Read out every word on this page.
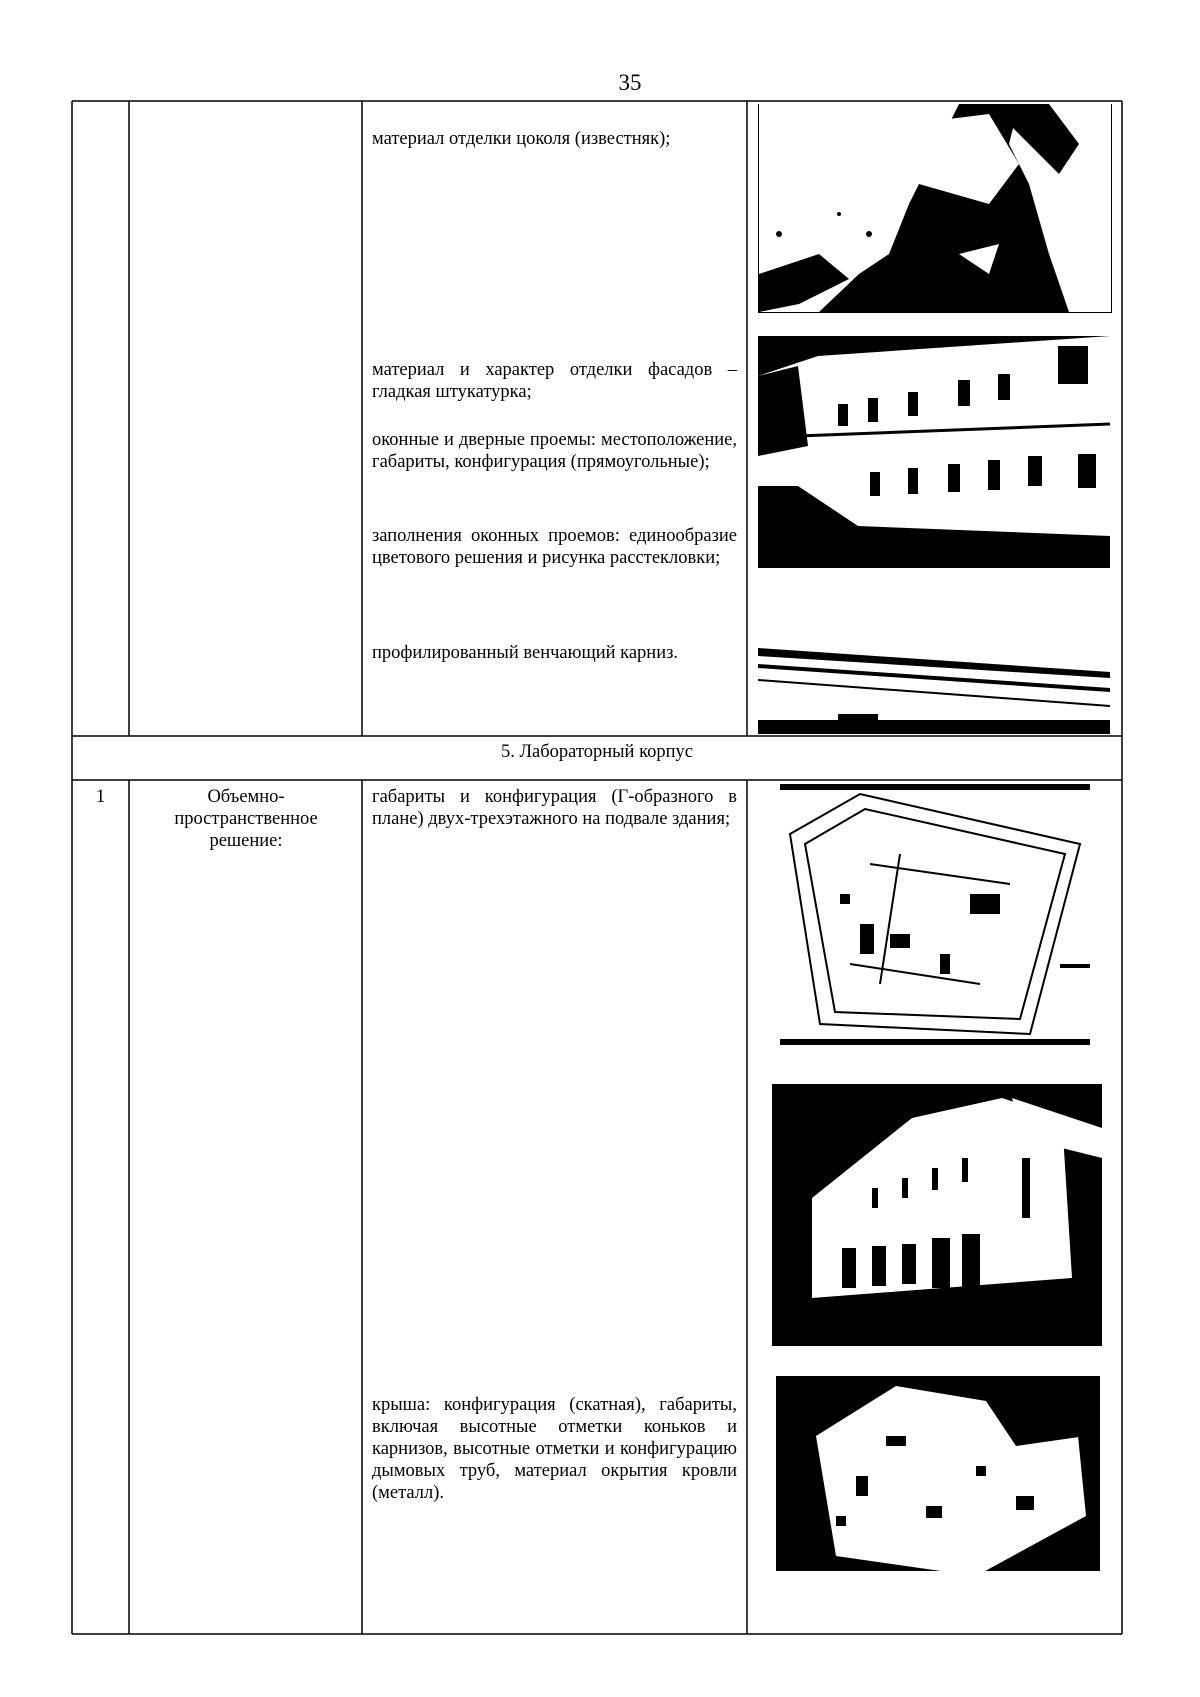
35
материал отделки цоколя (известняк);
материал и характер отделки фасадов – гладкая штукатурка;
оконные и дверные проемы: местоположение, габариты, конфигурация (прямоугольные);
заполнения оконных проемов: единообразие цветового решения и рисунка расстекловки;
профилированный венчающий карниз.
5. Лабораторный корпус
1	Объемно-пространственное решение:
габариты и конфигурация (Г-образного в плане) двух-трехэтажного на подвале здания;
крыша: конфигурация (скатная), габариты, включая высотные отметки коньков и карнизов, высотные отметки и конфигурацию дымовых труб, материал окрытия кровли (металл).
